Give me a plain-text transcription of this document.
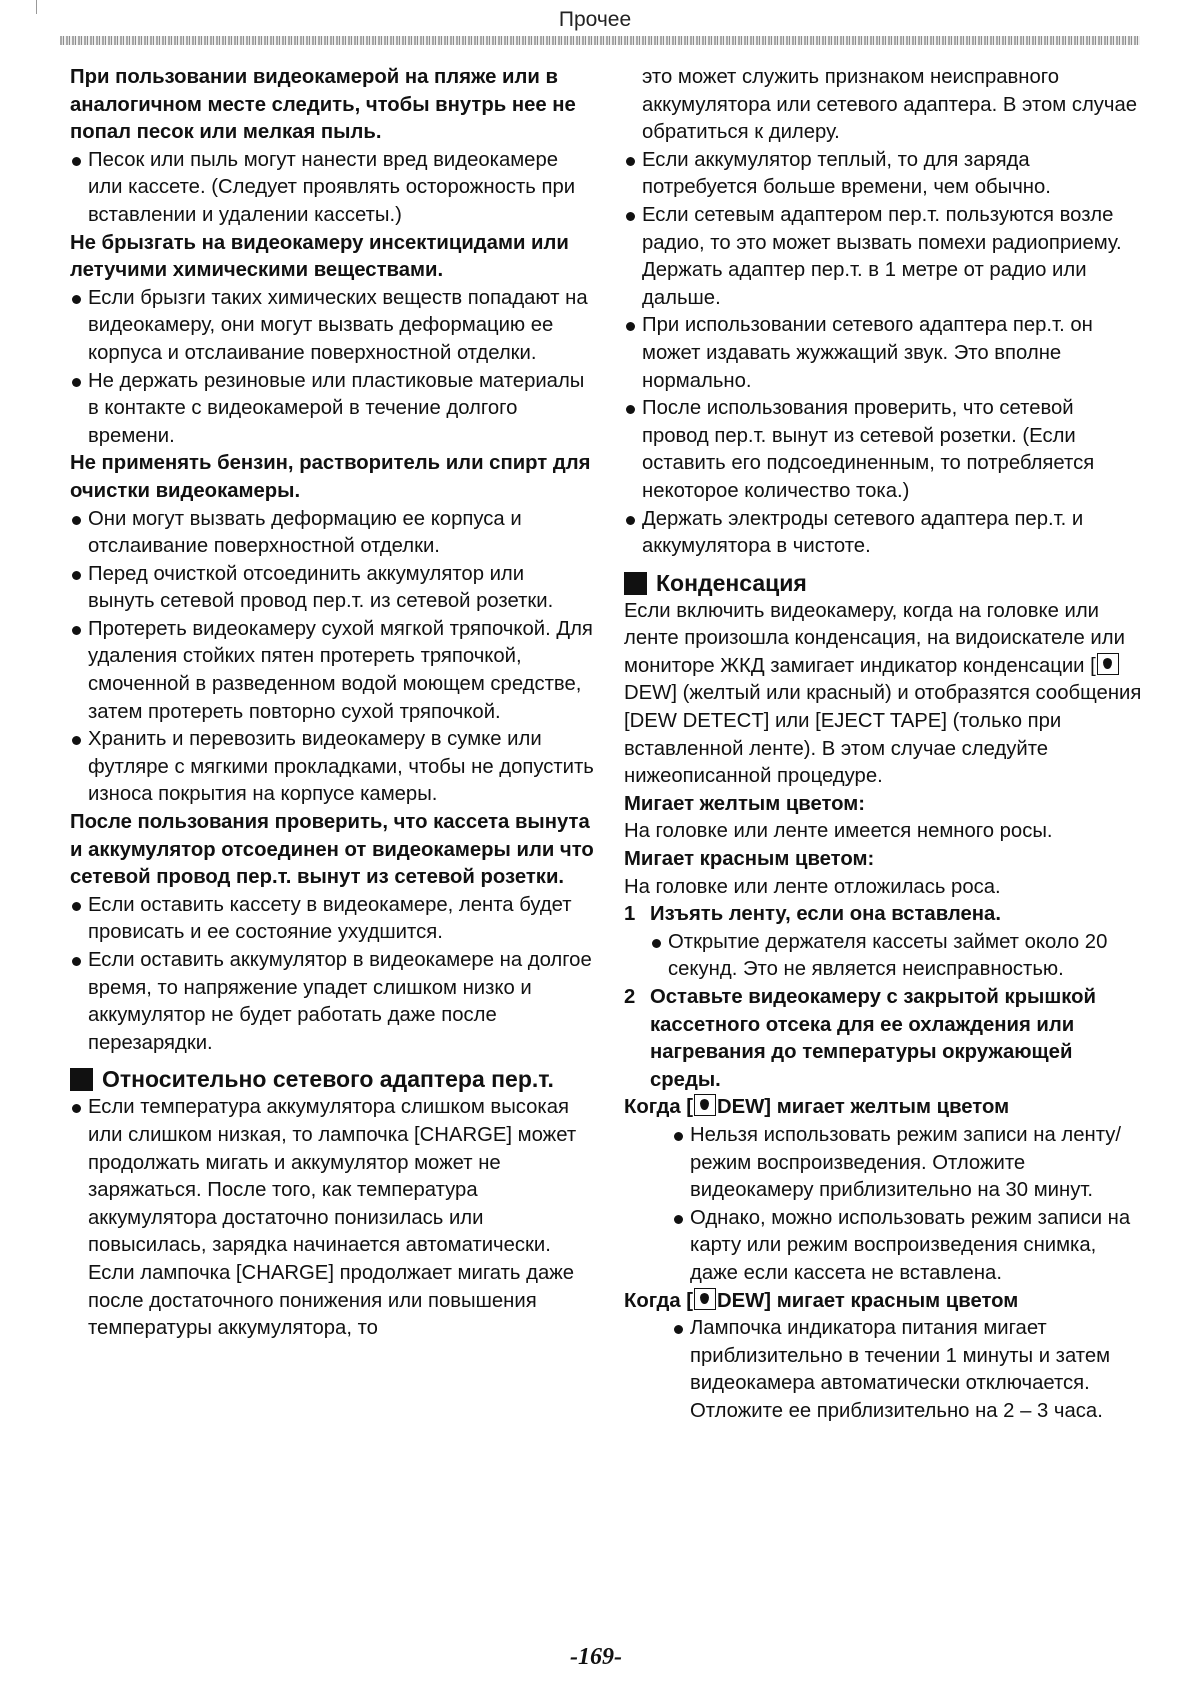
Прочее
При пользовании видеокамерой на пляже или в аналогичном месте следить, чтобы внутрь нее не попал песок или мелкая пыль.
Песок или пыль могут нанести вред видеокамере или кассете. (Следует проявлять осторожность при вставлении и удалении кассеты.)
Не брызгать на видеокамеру инсектицидами или летучими химическими веществами.
Если брызги таких химических веществ попадают на видеокамеру, они могут вызвать деформацию ее корпуса и отслаивание поверхностной отделки.
Не держать резиновые или пластиковые материалы в контакте с видеокамерой в течение долгого времени.
Не применять бензин, растворитель или спирт для очистки видеокамеры.
Они могут вызвать деформацию ее корпуса и отслаивание поверхностной отделки.
Перед очисткой отсоединить аккумулятор или вынуть сетевой провод пер.т. из сетевой розетки.
Протереть видеокамеру сухой мягкой тряпочкой. Для удаления стойких пятен протереть тряпочкой, смоченной в разведенном водой моющем средстве, затем протереть повторно сухой тряпочкой.
Хранить и перевозить видеокамеру в сумке или футляре с мягкими прокладками, чтобы не допустить износа покрытия на корпусе камеры.
После пользования проверить, что кассета вынута и аккумулятор отсоединен от видеокамеры или что сетевой провод пер.т. вынут из сетевой розетки.
Если оставить кассету в видеокамере, лента будет провисать и ее состояние ухудшится.
Если оставить аккумулятор в видеокамере на долгое время, то напряжение упадет слишком низко и аккумулятор не будет работать даже после перезарядки.
Относительно сетевого адаптера пер.т.
Если температура аккумулятора слишком высокая или слишком низкая, то лампочка [CHARGE] может продолжать мигать и аккумулятор может не заряжаться. После того, как температура аккумулятора достаточно понизилась или повысилась, зарядка начинается автоматически. Если лампочка [CHARGE] продолжает мигать даже после достаточного понижения или повышения температуры аккумулятора, то
это может служить признаком неисправного аккумулятора или сетевого адаптера. В этом случае обратиться к дилеру.
Если аккумулятор теплый, то для заряда потребуется больше времени, чем обычно.
Если сетевым адаптером пер.т. пользуются возле радио, то это может вызвать помехи радиоприему. Держать адаптер пер.т. в 1 метре от радио или дальше.
При использовании сетевого адаптера пер.т. он может издавать жужжащий звук. Это вполне нормально.
После использования проверить, что сетевой провод пер.т. вынут из сетевой розетки. (Если оставить его подсоединенным, то потребляется некоторое количество тока.)
Держать электроды сетевого адаптера пер.т. и аккумулятора в чистоте.
Конденсация
Если включить видеокамеру, когда на головке или ленте произошла конденсация, на видоискателе или мониторе ЖКД замигает индикатор конденсации [DEW] (желтый или красный) и отобразятся сообщения [DEW DETECT] или [EJECT TAPE] (только при вставленной ленте). В этом случае следуйте нижеописанной процедуре.
Мигает желтым цветом:
На головке или ленте имеется немного росы.
Мигает красным цветом:
На головке или ленте отложилась роса.
1 Изъять ленту, если она вставлена.
Открытие держателя кассеты займет около 20 секунд. Это не является неисправностью.
2 Оставьте видеокамеру с закрытой крышкой кассетного отсека для ее охлаждения или нагревания до температуры окружающей среды.
Когда [ DEW] мигает желтым цветом
Нельзя использовать режим записи на ленту/
режим воспроизведения. Отложите видеокамеру приблизительно на 30 минут.
Однако, можно использовать режим записи на карту или режим воспроизведения снимка, даже если кассета не вставлена.
Когда [ DEW] мигает красным цветом
Лампочка индикатора питания мигает приблизительно в течении 1 минуты и затем видеокамера автоматически отключается. Отложите ее приблизительно на 2 – 3 часа.
-169-
